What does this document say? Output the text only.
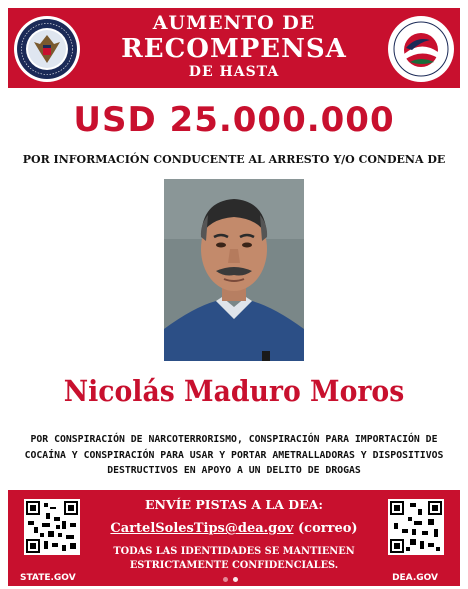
AUMENTO DE
RECOMPENSA
DE HASTA
USD 25.000.000
POR INFORMACIÓN CONDUCENTE AL ARRESTO Y/O CONDENA DE
Nicolás Maduro Moros
POR CONSPIRACIÓN DE NARCOTERRORISMO, CONSPIRACIÓN PARA IMPORTACIÓN DE COCAÍNA Y CONSPIRACIÓN PARA USAR Y PORTAR AMETRALLADORAS Y DISPOSITIVOS DESTRUCTIVOS EN APOYO A UN DELITO DE DROGAS
ENVÍE PISTAS A LA DEA:
CartelSolesTips@dea.gov (correo)
TODAS LAS IDENTIDADES SE MANTIENEN
ESTRICTAMENTE CONFIDENCIALES.
STATE.GOV	DEA.GOV
